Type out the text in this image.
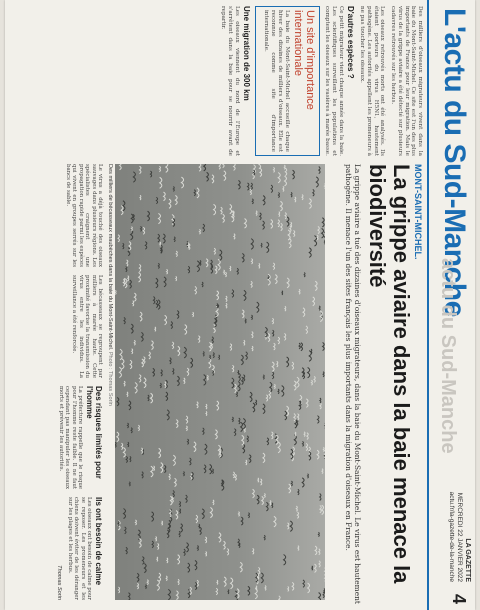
L'actu du Sud-Manche
actu du Sud-Manche
LA GAZETTE
MERCREDI 22 JANVIER 2022
actu.fr/la-gazette-de-la-manche
4

Des milliers d'oiseaux migrateurs vivent dans la baie du Mont-Saint-Michel. Ce site est l'un des plus importants de France pour leur migration. Mais le virus de la grippe aviaire a été détecté sur plusieurs cadavres retrouvés sur les herbus.

Les oiseaux retrouvés morts ont été analysés. Ils étaient porteurs du virus H5N1, hautement pathogène. Les autorités appellent les promeneurs à ne pas toucher les oiseaux.

D'autres espèces ?

Ce petit migrateur vient chaque année dans la baie. Les scientifiques surveillent les populations et comptent les oiseaux sur les vasières à marée basse.

Un site d'importance internationale

La baie du Mont-Saint-Michel accueille chaque hiver des dizaines de milliers d'oiseaux. Elle est reconnue comme site d'importance internationale.

Une migration de 300 km

Les oiseaux viennent du nord de l'Europe et s'arrêtent dans la baie pour se nourrir avant de repartir.

MONT-SAINT-MICHEL.
La grippe aviaire dans la baie menace la biodiversité
La grippe aviaire a tué des dizaines d'oiseaux migrateurs, dans la baie du Mont-Saint-Michel. Le virus est hautement pathogène. Il menace l'un des sites français les plus importants dans la migration d'oiseaux en France.
Des milliers de bécasseaux maubèches dans la baie du Mont-Saint-Michel. Photo : Thomas Sorin

Le virus a déjà touché des oiseaux sauvages dans plusieurs régions. Les spécialistes craignent une propagation rapide parmi les espèces qui vivent en groupes serrés sur les bancs de sable.

Les bécasseaux se regroupent par milliers à marée haute. Cette proximité favorise la transmission du virus entre les individus. La surveillance a été renforcée.

Des risques limités pour l'homme

La préfecture rappelle que le risque pour l'homme reste faible. Il ne faut cependant pas manipuler les oiseaux morts et prévenir les autorités.

Ils ont besoin de calme

Les oiseaux ont besoin de calme pour se reposer. Les promeneurs et les chiens doivent éviter de les déranger sur les plages et les herbus.

Thomas Sorin
